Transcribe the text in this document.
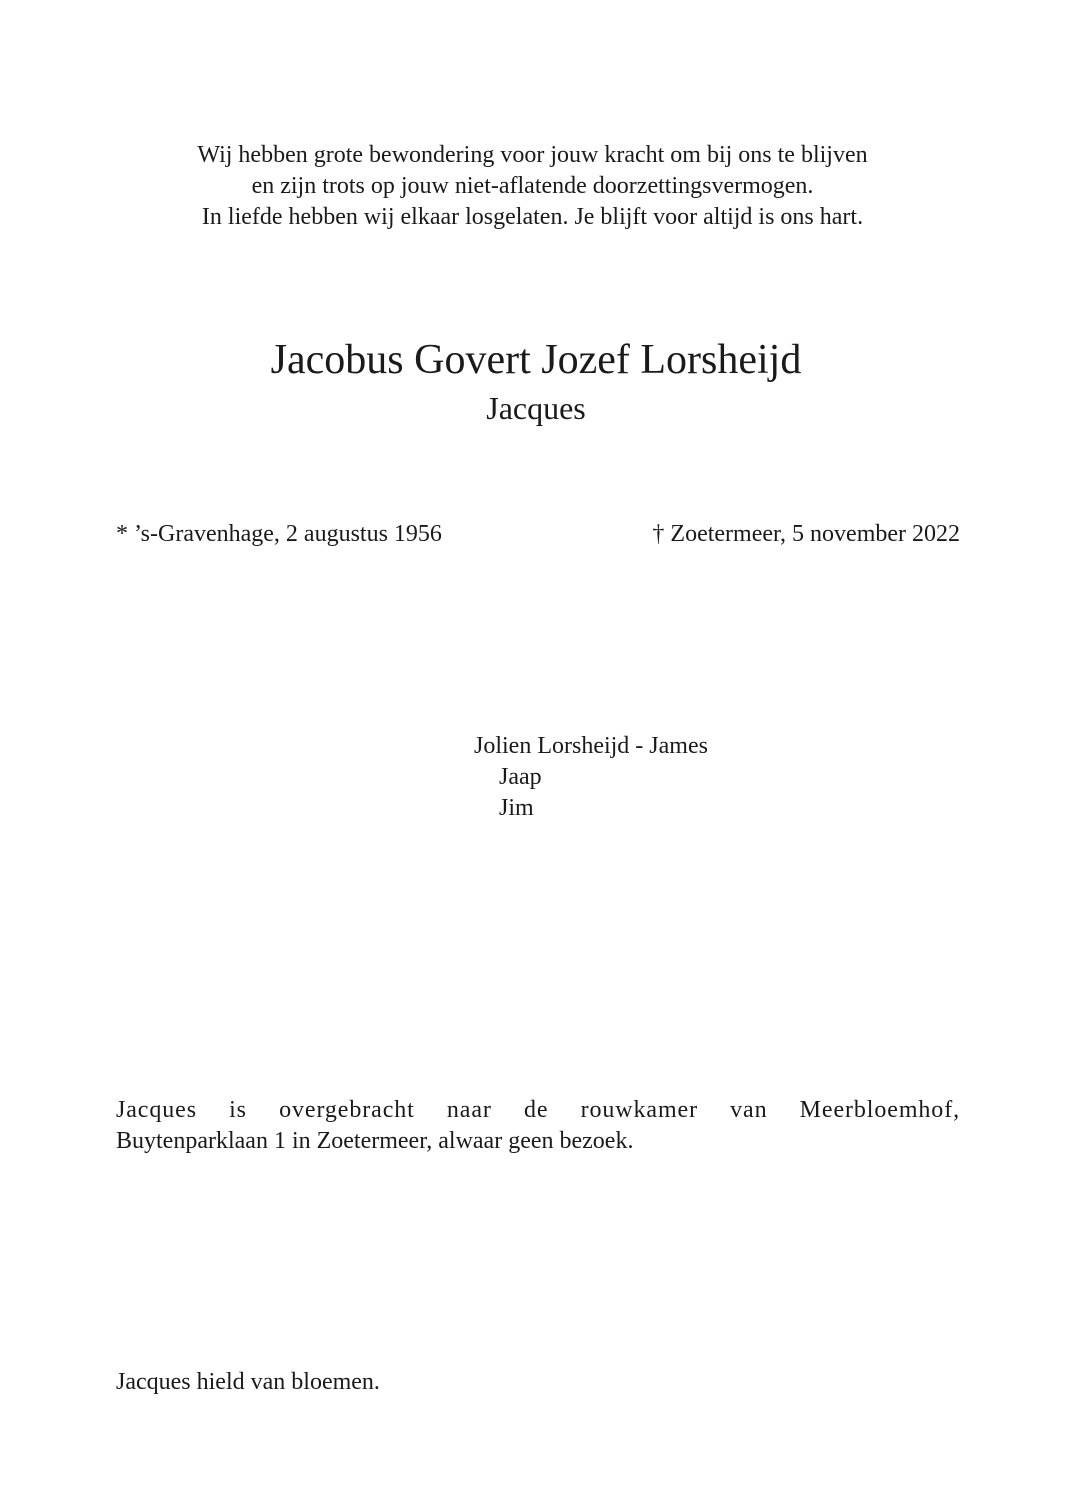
Wij hebben grote bewondering voor jouw kracht om bij ons te blijven
en zijn trots op jouw niet-aflatende doorzettingsvermogen.
In liefde hebben wij elkaar losgelaten. Je blijft voor altijd is ons hart.
Jacobus Govert Jozef Lorsheijd
Jacques
* ’s-Gravenhage, 2 augustus 1956	† Zoetermeer, 5 november 2022
Jolien Lorsheijd - James
Jaap
Jim
Jacques is overgebracht naar de rouwkamer van Meerbloemhof,
Buytenparklaan 1 in Zoetermeer, alwaar geen bezoek.
Jacques hield van bloemen.
